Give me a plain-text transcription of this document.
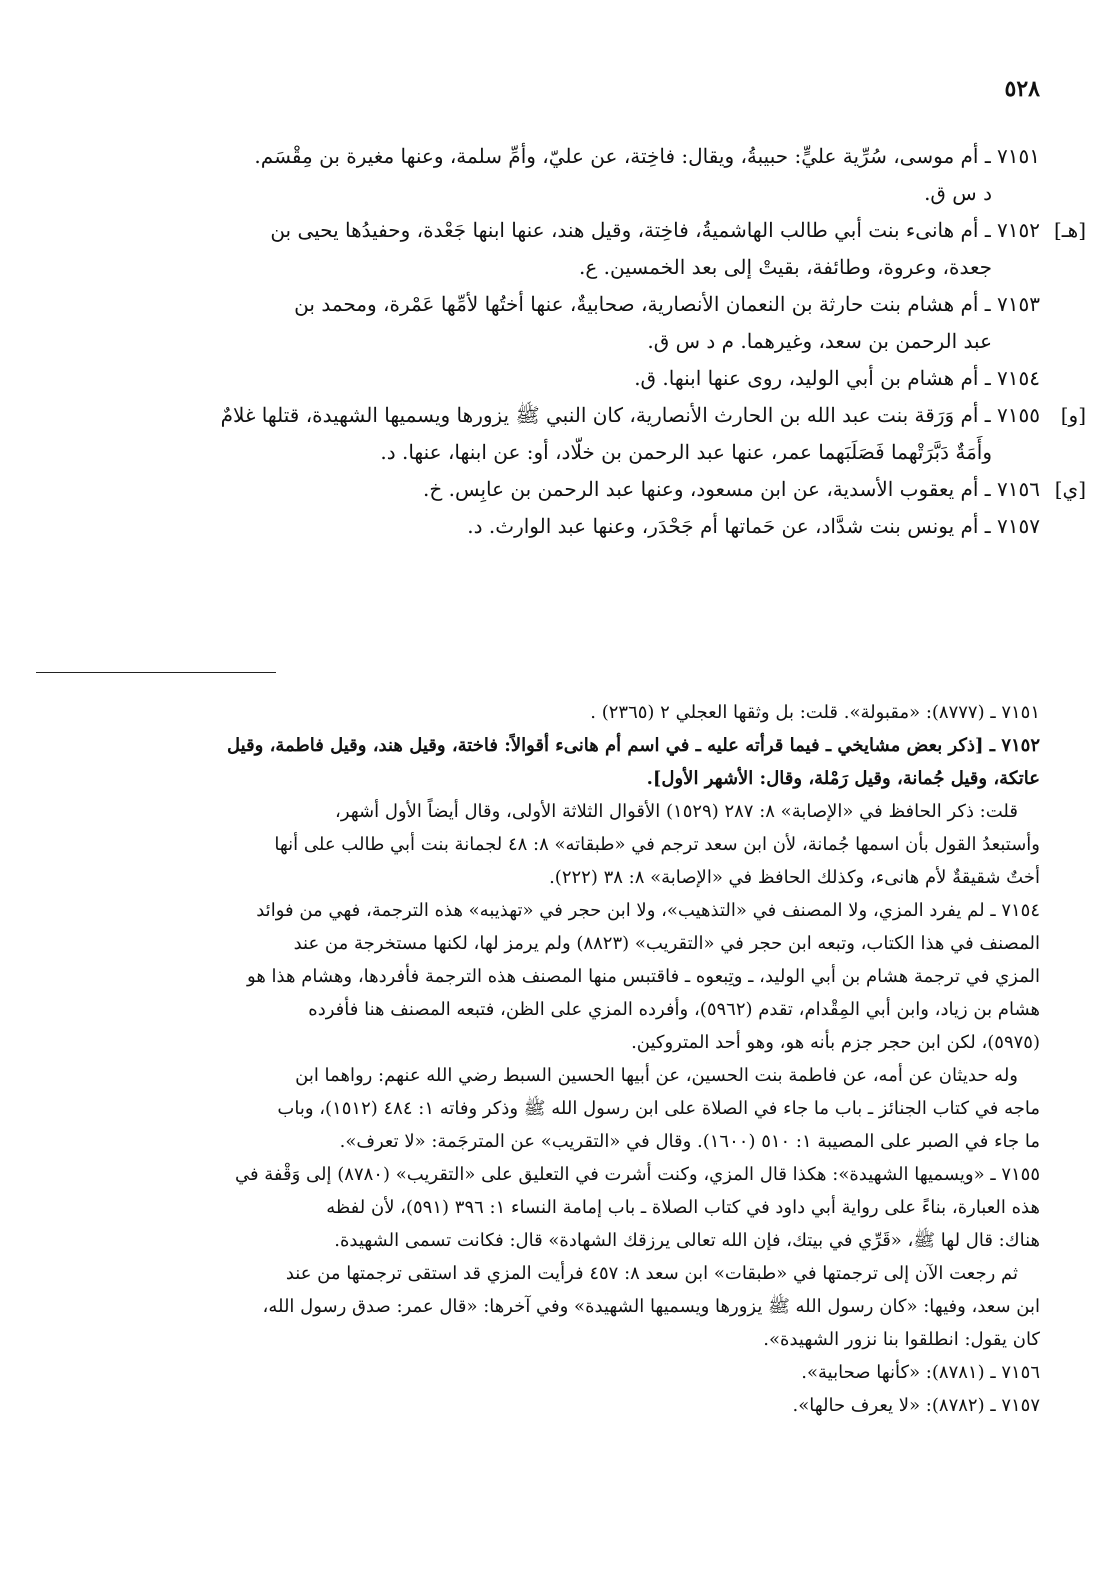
٥٢٨
٧١٥١ ـ أم موسى، سُرِّية عليٍّ: حبيبةُ، ويقال: فاخِتة، عن عليّ، وأمِّ سلمة، وعنها مغيرة بن مِقْسَم.
د س ق.
[هـ]
٧١٥٢ ـ أم هانىء بنت أبي طالب الهاشميةُ، فاخِتة، وقيل هند، عنها ابنها جَعْدة، وحفيدُها يحيى بن
جعدة، وعروة، وطائفة، بقيتْ إلى بعد الخمسين. ع.
٧١٥٣ ـ أم هشام بنت حارثة بن النعمان الأنصارية، صحابيةٌ، عنها أختُها لأمِّها عَمْرة، ومحمد بن
عبد الرحمن بن سعد، وغيرهما. م د س ق.
٧١٥٤ ـ أم هشام بن أبي الوليد، روى عنها ابنها. ق.
[و]
٧١٥٥ ـ أم وَرَقة بنت عبد الله بن الحارث الأنصارية، كان النبي ﷺ يزورها ويسميها الشهيدة، قتلها غلامٌ
وأَمَةٌ دَبَّرَتْهما فَصَلَبَهما عمر، عنها عبد الرحمن بن خلّاد، أو: عن ابنها، عنها. د.
[ي]
٧١٥٦ ـ أم يعقوب الأسدية، عن ابن مسعود، وعنها عبد الرحمن بن عابِس. خ.
٧١٥٧ ـ أم يونس بنت شدَّاد، عن حَماتها أم جَحْدَر، وعنها عبد الوارث. د.
٧١٥١ ـ (٨٧٧٧): «مقبولة». قلت: بل وثقها العجلي ٢ (٢٣٦٥) .
٧١٥٢ ـ [ذكر بعض مشايخي ـ فيما قرأته عليه ـ في اسم أم هانىء أقوالاً: فاختة، وقيل هند، وقيل فاطمة، وقيل
عاتكة، وقيل جُمانة، وقيل رَمْلة، وقال: الأشهر الأول].
قلت: ذكر الحافظ في «الإصابة» ٨: ٢٨٧ (١٥٢٩) الأقوال الثلاثة الأولى، وقال أيضاً الأول أشهر،
وأستبعدُ القول بأن اسمها جُمانة، لأن ابن سعد ترجم في «طبقاته» ٨: ٤٨ لجمانة بنت أبي طالب على أنها
أختٌ شقيقةٌ لأم هانىء، وكذلك الحافظ في «الإصابة» ٨: ٣٨ (٢٢٢).
٧١٥٤ ـ لم يفرد المزي، ولا المصنف في «التذهيب»، ولا ابن حجر في «تهذيبه» هذه الترجمة، فهي من فوائد
المصنف في هذا الكتاب، وتبعه ابن حجر في «التقريب» (٨٨٢٣) ولم يرمز لها، لكنها مستخرجة من عند
المزي في ترجمة هشام بن أبي الوليد، ـ وتِبعوه ـ فاقتبس منها المصنف هذه الترجمة فأفردها، وهشام هذا هو
هشام بن زياد، وابن أبي المِقْدام، تقدم (٥٩٦٢)، وأفرده المزي على الظن، فتبعه المصنف هنا فأفرده
(٥٩٧٥)، لكن ابن حجر جزم بأنه هو، وهو أحد المتروكين.
وله حديثان عن أمه، عن فاطمة بنت الحسين، عن أبيها الحسين السبط رضي الله عنهم: رواهما ابن
ماجه في كتاب الجنائز ـ باب ما جاء في الصلاة على ابن رسول الله ﷺ وذكر وفاته ١: ٤٨٤ (١٥١٢)، وباب
ما جاء في الصبر على المصيبة ١: ٥١٠ (١٦٠٠). وقال في «التقريب» عن المترجَمة: «لا تعرف».
٧١٥٥ ـ «ويسميها الشهيدة»: هكذا قال المزي، وكنت أشرت في التعليق على «التقريب» (٨٧٨٠) إلى وَقْفة في
هذه العبارة، بناءً على رواية أبي داود في كتاب الصلاة ـ باب إمامة النساء ١: ٣٩٦ (٥٩١)، لأن لفظه
هناك: قال لها ﷺ، «قَرِّي في بيتك، فإن الله تعالى يرزقك الشهادة» قال: فكانت تسمى الشهيدة.
ثم رجعت الآن إلى ترجمتها في «طبقات» ابن سعد ٨: ٤٥٧ فرأيت المزي قد استقى ترجمتها من عند
ابن سعد، وفيها: «كان رسول الله ﷺ يزورها ويسميها الشهيدة» وفي آخرها: «قال عمر: صدق رسول الله،
كان يقول: انطلقوا بنا نزور الشهيدة».
٧١٥٦ ـ (٨٧٨١): «كأنها صحابية».
٧١٥٧ ـ (٨٧٨٢): «لا يعرف حالها».
